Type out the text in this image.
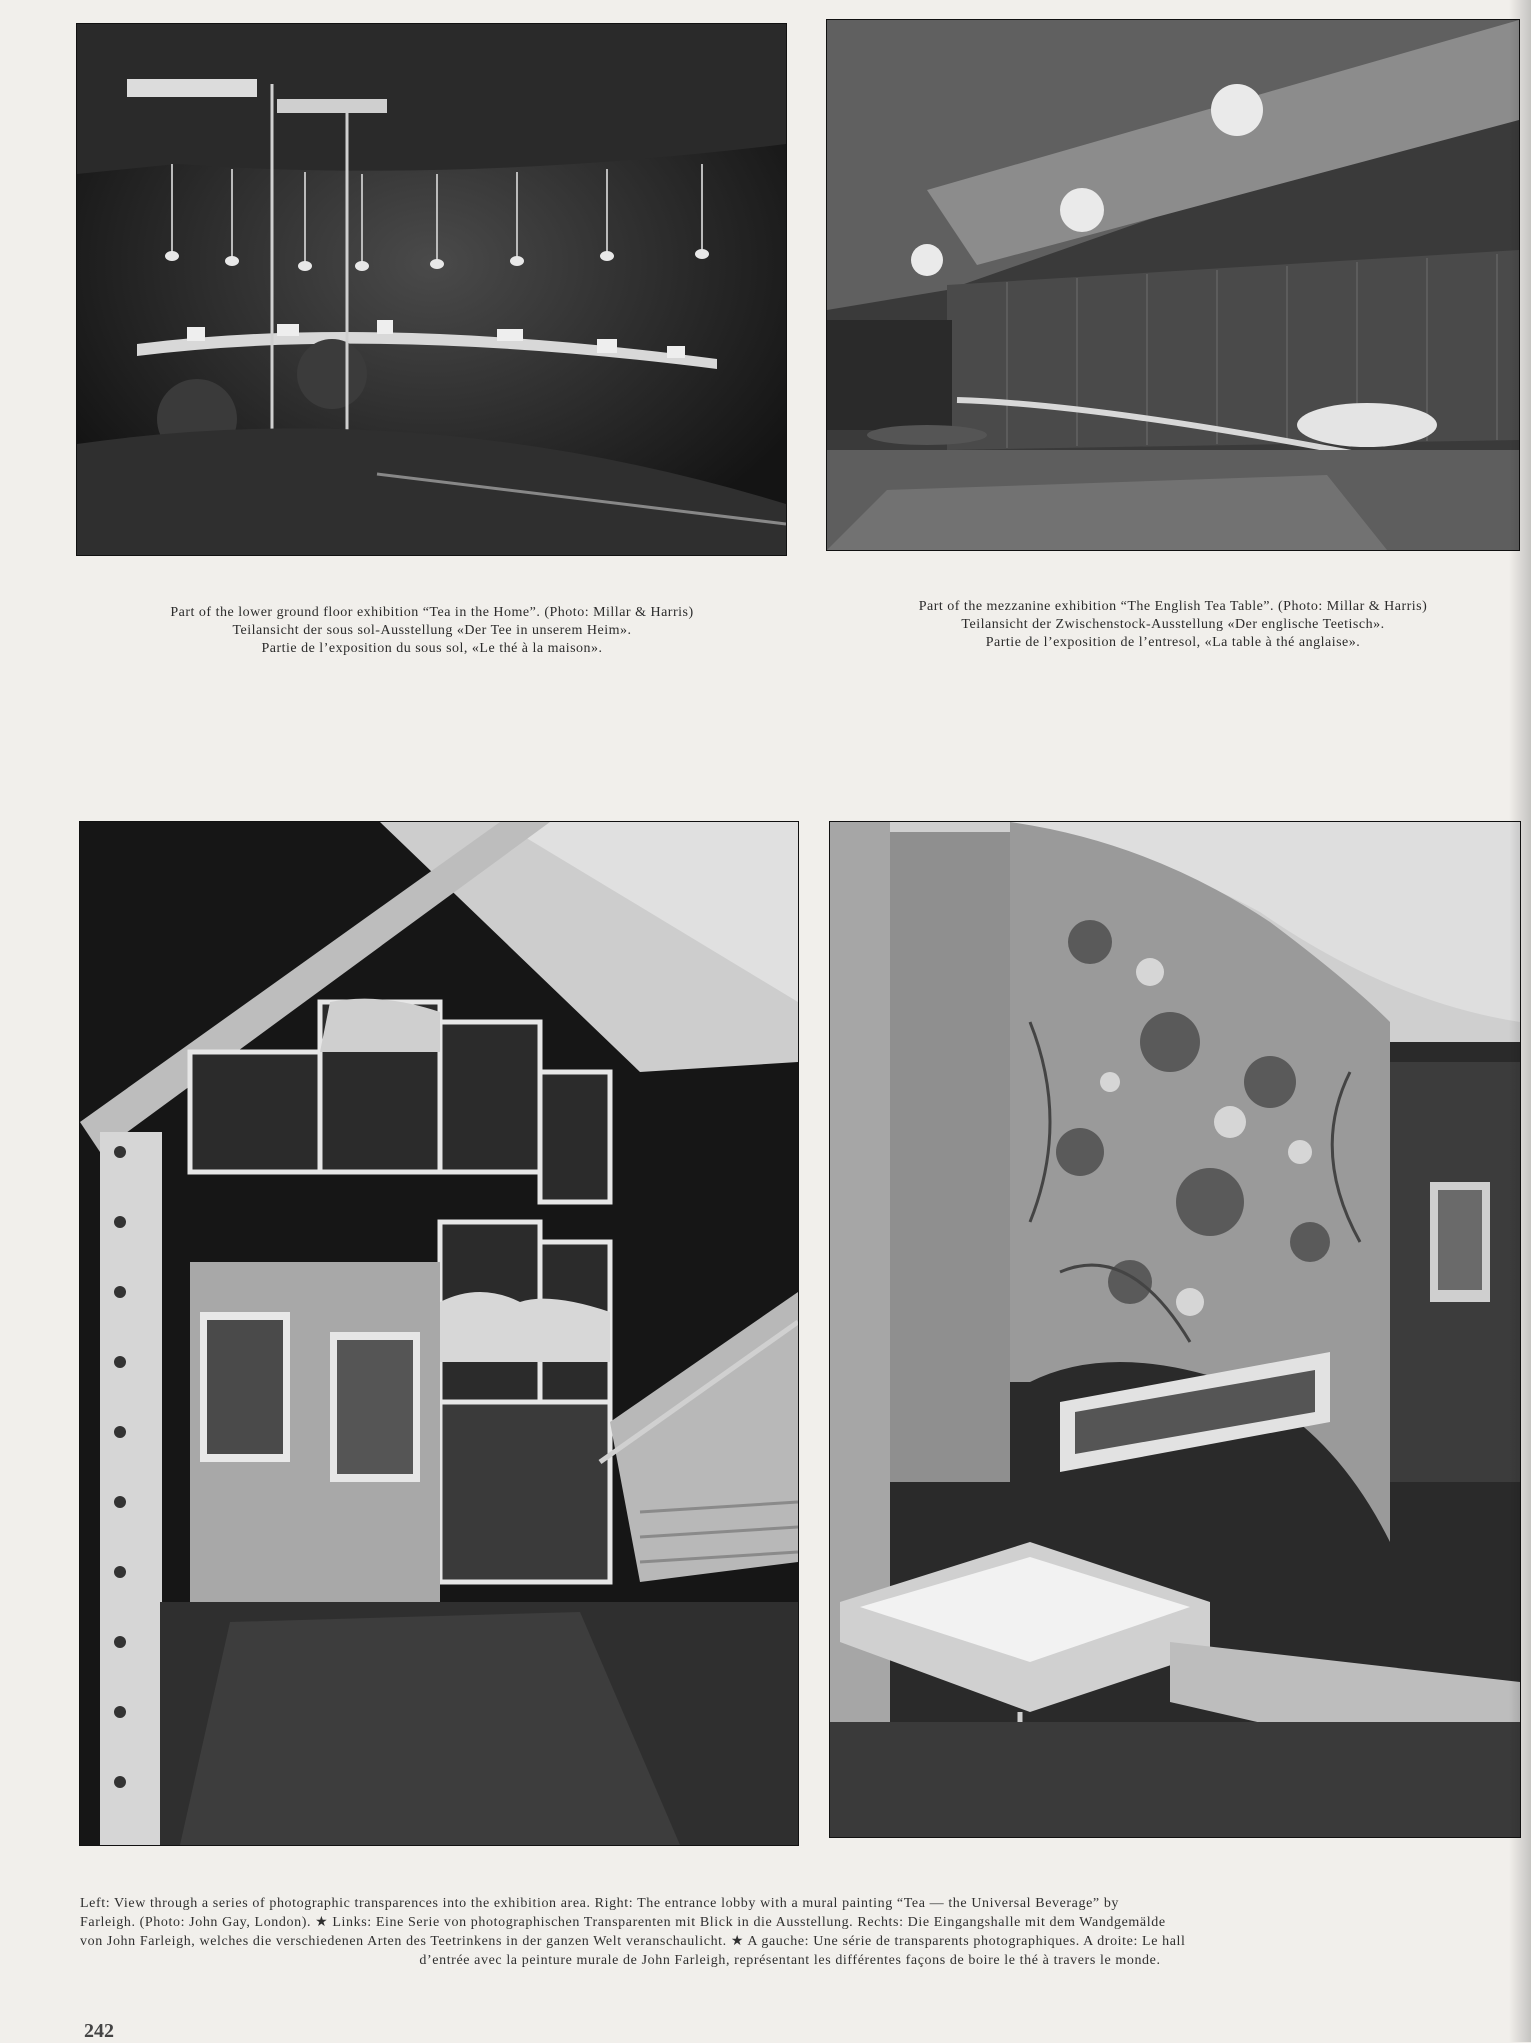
Part of the lower ground floor exhibition “Tea in the Home”. (Photo: Millar & Harris)
Teilansicht der sous sol-Ausstellung «Der Tee in unserem Heim».
Partie de l’exposition du sous sol, «Le thé à la maison».
Part of the mezzanine exhibition “The English Tea Table”. (Photo: Millar & Harris)
Teilansicht der Zwischenstock-Ausstellung «Der englische Teetisch».
Partie de l’exposition de l’entresol, «La table à thé anglaise».

Left: View through a series of photographic transparences into the exhibition area. Right: The entrance lobby with a mural painting “Tea — the Universal Beverage” by

Farleigh. (Photo: John Gay, London). ★ Links: Eine Serie von photographischen Transparenten mit Blick in die Ausstellung. Rechts: Die Eingangshalle mit dem Wandgemälde

von John Farleigh, welches die verschiedenen Arten des Teetrinkens in der ganzen Welt veranschaulicht. ★ A gauche: Une série de transparents photographiques. A droite: Le hall

d’entrée avec la peinture murale de John Farleigh, représentant les différentes façons de boire le thé à travers le monde.

242
